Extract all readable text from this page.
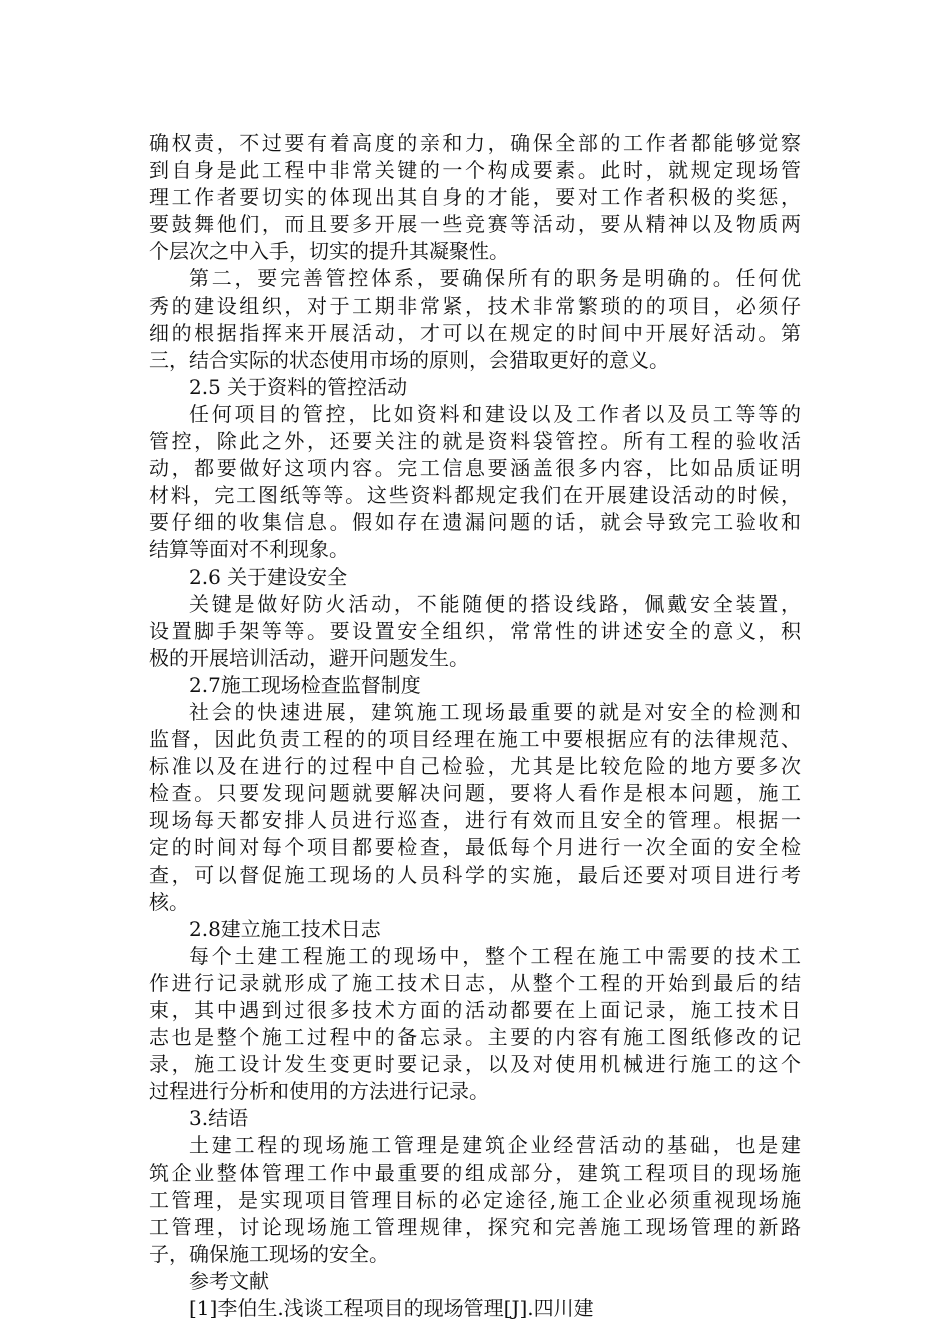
确权责，不过要有着高度的亲和力，确保全部的工作者都能够觉察
到自身是此工程中非常关键的一个构成要素。此时，就规定现场管
理工作者要切实的体现出其自身的才能，要对工作者积极的奖惩，
要鼓舞他们，而且要多开展一些竞赛等活动，要从精神以及物质两
个层次之中入手，切实的提升其凝聚性。
第二，要完善管控体系，要确保所有的职务是明确的。任何优
秀的建设组织，对于工期非常紧，技术非常繁琐的的项目，必须仔
细的根据指挥来开展活动，才可以在规定的时间中开展好活动。第
三，结合实际的状态使用市场的原则，会猎取更好的意义。
2.5 关于资料的管控活动
任何项目的管控，比如资料和建设以及工作者以及员工等等的
管控，除此之外，还要关注的就是资料袋管控。所有工程的验收活
动，都要做好这项内容。完工信息要涵盖很多内容，比如品质证明
材料，完工图纸等等。这些资料都规定我们在开展建设活动的时候，
要仔细的收集信息。假如存在遗漏问题的话，就会导致完工验收和
结算等面对不利现象。
2.6 关于建设安全
关键是做好防火活动，不能随便的搭设线路，佩戴安全装置，
设置脚手架等等。要设置安全组织，常常性的讲述安全的意义，积
极的开展培训活动，避开问题发生。
2.7施工现场检查监督制度
社会的快速进展，建筑施工现场最重要的就是对安全的检测和
监督，因此负责工程的的项目经理在施工中要根据应有的法律规范、
标准以及在进行的过程中自己检验，尤其是比较危险的地方要多次
检查。只要发现问题就要解决问题，要将人看作是根本问题，施工
现场每天都安排人员进行巡查，进行有效而且安全的管理。根据一
定的时间对每个项目都要检查，最低每个月进行一次全面的安全检
查，可以督促施工现场的人员科学的实施，最后还要对项目进行考
核。
2.8建立施工技术日志
每个土建工程施工的现场中，整个工程在施工中需要的技术工
作进行记录就形成了施工技术日志，从整个工程的开始到最后的结
束，其中遇到过很多技术方面的活动都要在上面记录，施工技术日
志也是整个施工过程中的备忘录。主要的内容有施工图纸修改的记
录，施工设计发生变更时要记录，以及对使用机械进行施工的这个
过程进行分析和使用的方法进行记录。
3.结语
土建工程的现场施工管理是建筑企业经营活动的基础，也是建
筑企业整体管理工作中最重要的组成部分，建筑工程项目的现场施
工管理，是实现项目管理目标的必定途径,施工企业必须重视现场施
工管理，讨论现场施工管理规律，探究和完善施工现场管理的新路
子，确保施工现场的安全。
参考文献
[1]李伯生.浅谈工程项目的现场管理[J].四川建
